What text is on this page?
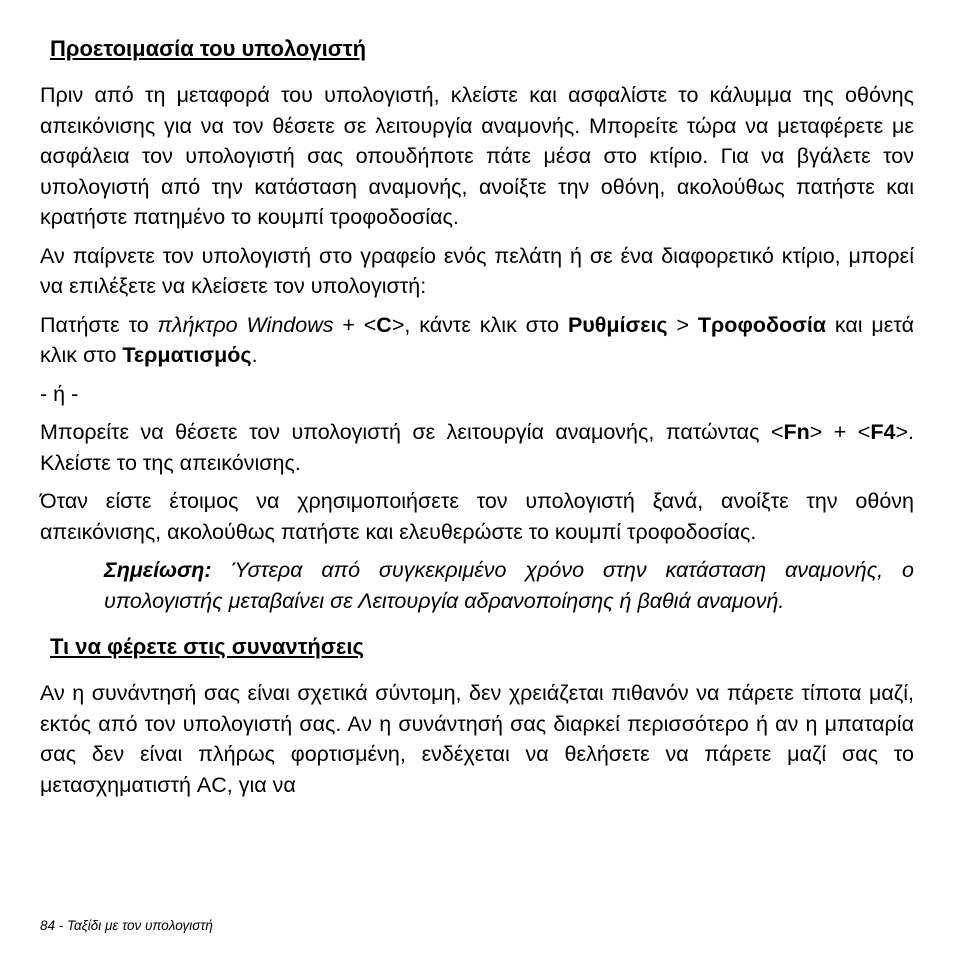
Προετοιμασία του υπολογιστή

Πριν από τη μεταφορά του υπολογιστή, κλείστε και ασφαλίστε το κάλυμμα της οθόνης απεικόνισης για να τον θέσετε σε λειτουργία αναμονής. Μπορείτε τώρα να μεταφέρετε με ασφάλεια τον υπολογιστή σας οπουδήποτε πάτε μέσα στο κτίριο. Για να βγάλετε τον υπολογιστή από την κατάσταση αναμονής, ανοίξτε την οθόνη, ακολούθως πατήστε και κρατήστε πατημένο το κουμπί τροφοδοσίας.

Αν παίρνετε τον υπολογιστή στο γραφείο ενός πελάτη ή σε ένα διαφορετικό κτίριο, μπορεί να επιλέξετε να κλείσετε τον υπολογιστή:

Πατήστε το πλήκτρο Windows + <C>, κάντε κλικ στο Ρυθμίσεις > Τροφοδοσία και μετά κλικ στο Τερματισμός.

- ή -

Μπορείτε να θέσετε τον υπολογιστή σε λειτουργία αναμονής, πατώντας <Fn> + <F4>. Κλείστε το της απεικόνισης.

Όταν είστε έτοιμος να χρησιμοποιήσετε τον υπολογιστή ξανά, ανοίξτε την οθόνη απεικόνισης, ακολούθως πατήστε και ελευθερώστε το κουμπί τροφοδοσίας.

Σημείωση: Ύστερα από συγκεκριμένο χρόνο στην κατάσταση αναμονής, ο υπολογιστής μεταβαίνει σε Λειτουργία αδρανοποίησης ή βαθιά αναμονή.

Τι να φέρετε στις συναντήσεις

Αν η συνάντησή σας είναι σχετικά σύντομη, δεν χρειάζεται πιθανόν να πάρετε τίποτα μαζί, εκτός από τον υπολογιστή σας. Αν η συνάντησή σας διαρκεί περισσότερο ή αν η μπαταρία σας δεν είναι πλήρως φορτισμένη, ενδέχεται να θελήσετε να πάρετε μαζί σας το μετασχηματιστή AC, για να

84 - Ταξίδι με τον υπολογιστή
